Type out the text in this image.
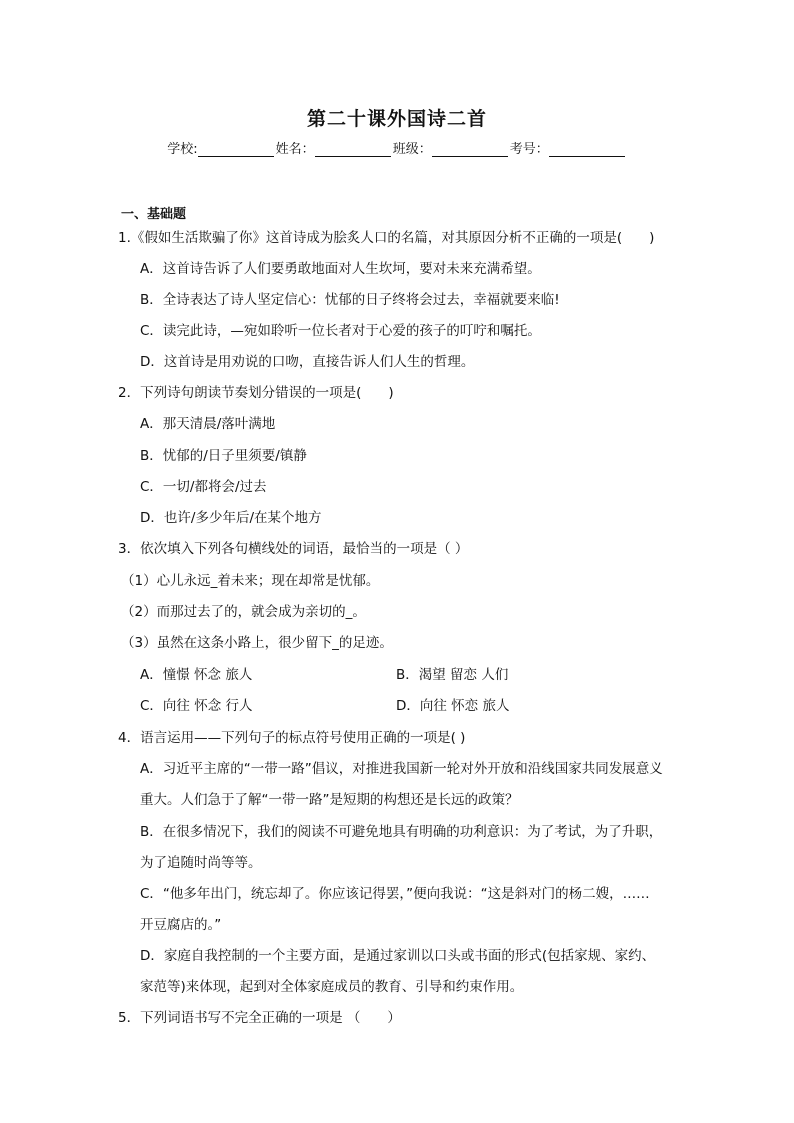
第二十课外国诗二首
学校:	姓名：	班级：	考号：
一、基础题
1.《假如生活欺骗了你》这首诗成为脍炙人口的名篇，对其原因分析不正确的一项是(　　)
A．这首诗告诉了人们要勇敢地面对人生坎坷，要对未来充满希望。
B．全诗表达了诗人坚定信心：忧郁的日子终将会过去，幸福就要来临!
C．读完此诗，—宛如聆听一位长者对于心爱的孩子的叮咛和嘱托。
D．这首诗是用劝说的口吻，直接告诉人们人生的哲理。
2．下列诗句朗读节奏划分错误的一项是(　　)
A．那天清晨/落叶满地
B．忧郁的/日子里须要/镇静
C．一切/都将会/过去
D．也许/多少年后/在某个地方
3．依次填入下列各句横线处的词语，最恰当的一项是（ ）
（1）心儿永远_着未来；现在却常是忧郁。
（2）而那过去了的，就会成为亲切的_。
（3）虽然在这条小路上，很少留下_的足迹。
A．憧憬 怀念 旅人	B．渴望 留恋 人们
C．向往 怀念 行人	D．向往 怀恋 旅人
4．语言运用——下列句子的标点符号使用正确的一项是( )
A．习近平主席的“一带一路”倡议，对推进我国新一轮对外开放和沿线国家共同发展意义
重大。人们急于了解“一带一路”是短期的构想还是长远的政策？
B．在很多情况下，我们的阅读不可避免地具有明确的功利意识：为了考试，为了升职，
为了追随时尚等等。
C．“他多年出门，统忘却了。你应该记得罢，”便向我说：“这是斜对门的杨二嫂，……
开豆腐店的。”
D．家庭自我控制的一个主要方面，是通过家训以口头或书面的形式(包括家规、家约、
家范等)来体现，起到对全体家庭成员的教育、引导和约束作用。
5．下列词语书写不完全正确的一项是 （　　）
